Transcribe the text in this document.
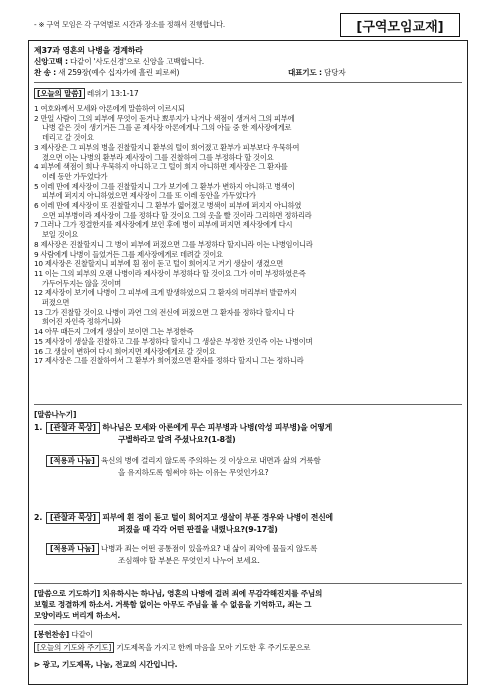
- ※ 구역 모임은 각 구역별로 시간과 장소를 정해서 진행합니다.	[구역모임교재]
제37과 영혼의 나병을 경계하라
신앙고백 : 다같이 '사도신경'으로 신앙을 고백합니다.
찬 송 : 새 259장(예수 십자가에 흘린 피로써)	대표기도 : 담당자
[오늘의 말씀] 레위기 13:1-17
1 여호와께서 모세와 아론에게 말씀하여 이르시되
2 만일 사람이 그의 피부에 무엇이 돋거나 뾰루지가 나거나 색점이 생겨서 그의 피부에
나병 같은 것이 생기거든 그를 곧 제사장 아론에게나 그의 아들 중 한 제사장에게로
데리고 갈 것이요
3 제사장은 그 피부의 병을 진찰할지니 환부의 털이 희어졌고 환부가 피부보다 우묵하여
졌으면 이는 나병의 환부라 제사장이 그를 진찰하여 그를 부정하다 할 것이요
4 피부에 색점이 희나 우묵하지 아니하고 그 털이 희지 아니하면 제사장은 그 환자를
이레 동안 가두었다가
5 이레 만에 제사장이 그를 진찰할지니 그가 보기에 그 환부가 변하지 아니하고 병색이
피부에 퍼지지 아니하였으면 제사장이 그를 또 이레 동안을 가두었다가
6 이레 만에 제사장이 또 진찰할지니 그 환부가 엷어졌고 병색이 피부에 퍼지지 아니하였
으면 피부병이라 제사장이 그를 정하다 할 것이요 그의 옷을 빨 것이라 그리하면 정하리라
7 그러나 그가 정결한지를 제사장에게 보인 후에 병이 피부에 퍼지면 제사장에게 다시
보일 것이요
8 제사장은 진찰할지니 그 병이 피부에 퍼졌으면 그를 부정하다 할지니라 이는 나병임이니라
9 사람에게 나병이 들었거든 그를 제사장에게로 데려갈 것이요
10 제사장은 진찰할지니 피부에 흰 점이 돋고 털이 희어지고 거기 생살이 생겼으면
11 이는 그의 피부의 오랜 나병이라 제사장이 부정하다 할 것이요 그가 이미 부정하였은즉
가두어두지는 않을 것이며
12 제사장이 보기에 나병이 그 피부에 크게 발생하였으되 그 환자의 머리부터 발끝까지
퍼졌으면
13 그가 진찰할 것이요 나병이 과연 그의 전신에 퍼졌으면 그 환자를 정하다 할지니 다
희어진 자인즉 정하거니와
14 아무 때든지 그에게 생살이 보이면 그는 부정한즉
15 제사장이 생살을 진찰하고 그를 부정하다 할지니 그 생살은 부정한 것인즉 이는 나병이며
16 그 생살이 변하여 다시 희어지면 제사장에게로 갈 것이요
17 제사장은 그를 진찰하여서 그 환부가 희어졌으면 환자를 정하다 할지니 그는 정하니라
[말씀나누기]
1. [관찰과 묵상] 하나님은 모세와 아론에게 무슨 피부병과 나병(악성 피부병)을 어떻게
구별하라고 알려 주셨나요?(1-8절)
[적용과 나눔] 육신의 병에 걸리지 않도록 주의하는 것 이상으로 내면과 삶의 거룩함
을 유지하도록 힘써야 하는 이유는 무엇인가요?
2. [관찰과 묵상] 피부에 흰 점이 돋고 털이 희어지고 생살이 부푼 경우와 나병이 전신에
퍼졌을 때 각각 어떤 판결을 내렸나요?(9-17절)
[적용과 나눔] 나병과 죄는 어떤 공통점이 있을까요? 내 삶이 죄악에 물들지 않도록
조심해야 할 부분은 무엇인지 나누어 보세요.
[말씀으로 기도하기] 치유하시는 하나님, 영혼의 나병에 걸려 죄에 무감각해진지를 주님의
보혈로 정결하게 하소서. 거룩함 없이는 아무도 주님을 볼 수 없음을 기억하고, 죄는 그
모양이라도 버리게 하소서.
[봉헌찬송] 다같이
[오늘의 기도와 주기도] 기도제목을 가지고 한께 마음을 모아 기도한 후 주기도문으로
⊳ 광고, 기도제목, 나눔, 전교의 시간입니다.
